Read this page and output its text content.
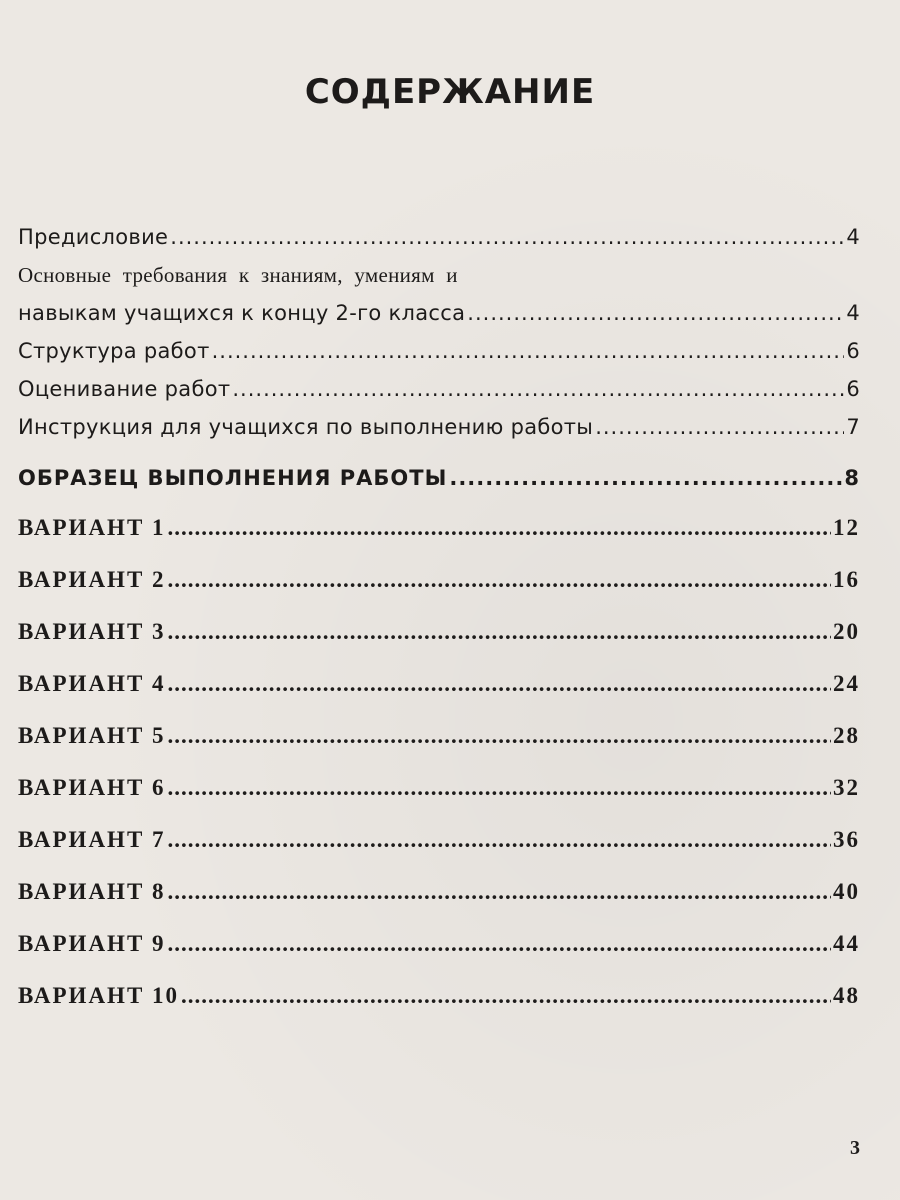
СОДЕРЖАНИЕ
Предисловие .....	4
Основные требования к знаниям, умениям и
навыкам учащихся к концу 2-го класса .....	4
Структура работ .....	6
Оценивание работ .....	6
Инструкция для учащихся по выполнению работы .....	7
ОБРАЗЕЦ ВЫПОЛНЕНИЯ РАБОТЫ .....	8
ВАРИАНТ 1 .....	12
ВАРИАНТ 2 .....	16
ВАРИАНТ 3 .....	20
ВАРИАНТ 4 .....	24
ВАРИАНТ 5 .....	28
ВАРИАНТ 6 .....	32
ВАРИАНТ 7 .....	36
ВАРИАНТ 8 .....	40
ВАРИАНТ 9 .....	44
ВАРИАНТ 10 .....	48
3
